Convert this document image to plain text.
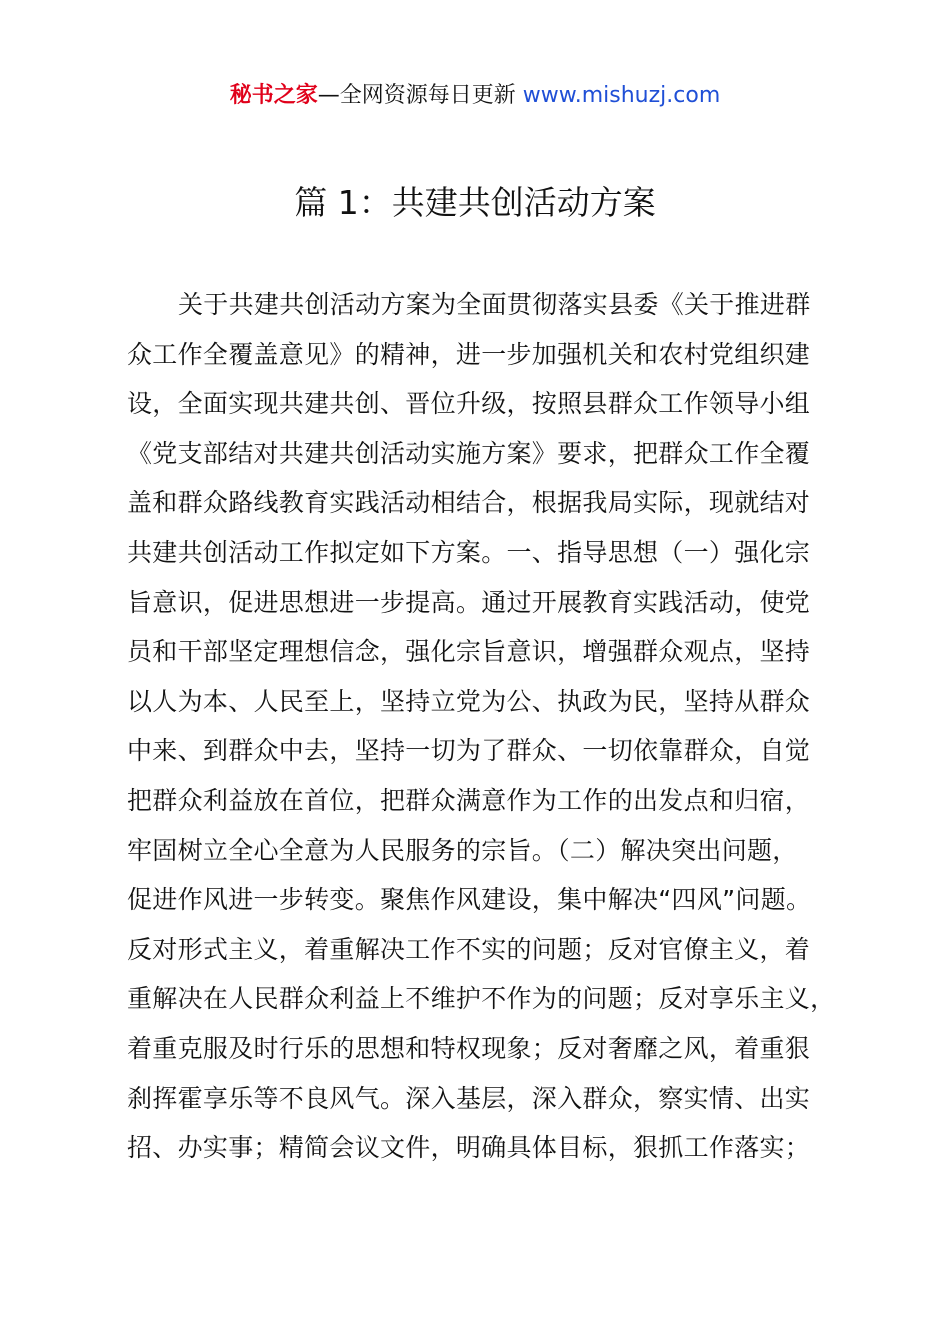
秘书之家—全网资源每日更新 www.mishuzj.com
篇 1：共建共创活动方案
关于共建共创活动方案为全面贯彻落实县委《关于推进群
众工作全覆盖意见》的精神，进一步加强机关和农村党组织建
设，全面实现共建共创、晋位升级，按照县群众工作领导小组
《党支部结对共建共创活动实施方案》要求，把群众工作全覆
盖和群众路线教育实践活动相结合，根据我局实际，现就结对
共建共创活动工作拟定如下方案。一、指导思想（一）强化宗
旨意识，促进思想进一步提高。通过开展教育实践活动，使党
员和干部坚定理想信念，强化宗旨意识，增强群众观点，坚持
以人为本、人民至上，坚持立党为公、执政为民，坚持从群众
中来、到群众中去，坚持一切为了群众、一切依靠群众，自觉
把群众利益放在首位，把群众满意作为工作的出发点和归宿，
牢固树立全心全意为人民服务的宗旨。（二）解决突出问题，
促进作风进一步转变。聚焦作风建设，集中解决“四风”问题。
反对形式主义，着重解决工作不实的问题；反对官僚主义，着
重解决在人民群众利益上不维护不作为的问题；反对享乐主义，
着重克服及时行乐的思想和特权现象；反对奢靡之风，着重狠
刹挥霍享乐等不良风气。深入基层，深入群众，察实情、出实
招、办实事；精简会议文件，明确具体目标，狠抓工作落实；
